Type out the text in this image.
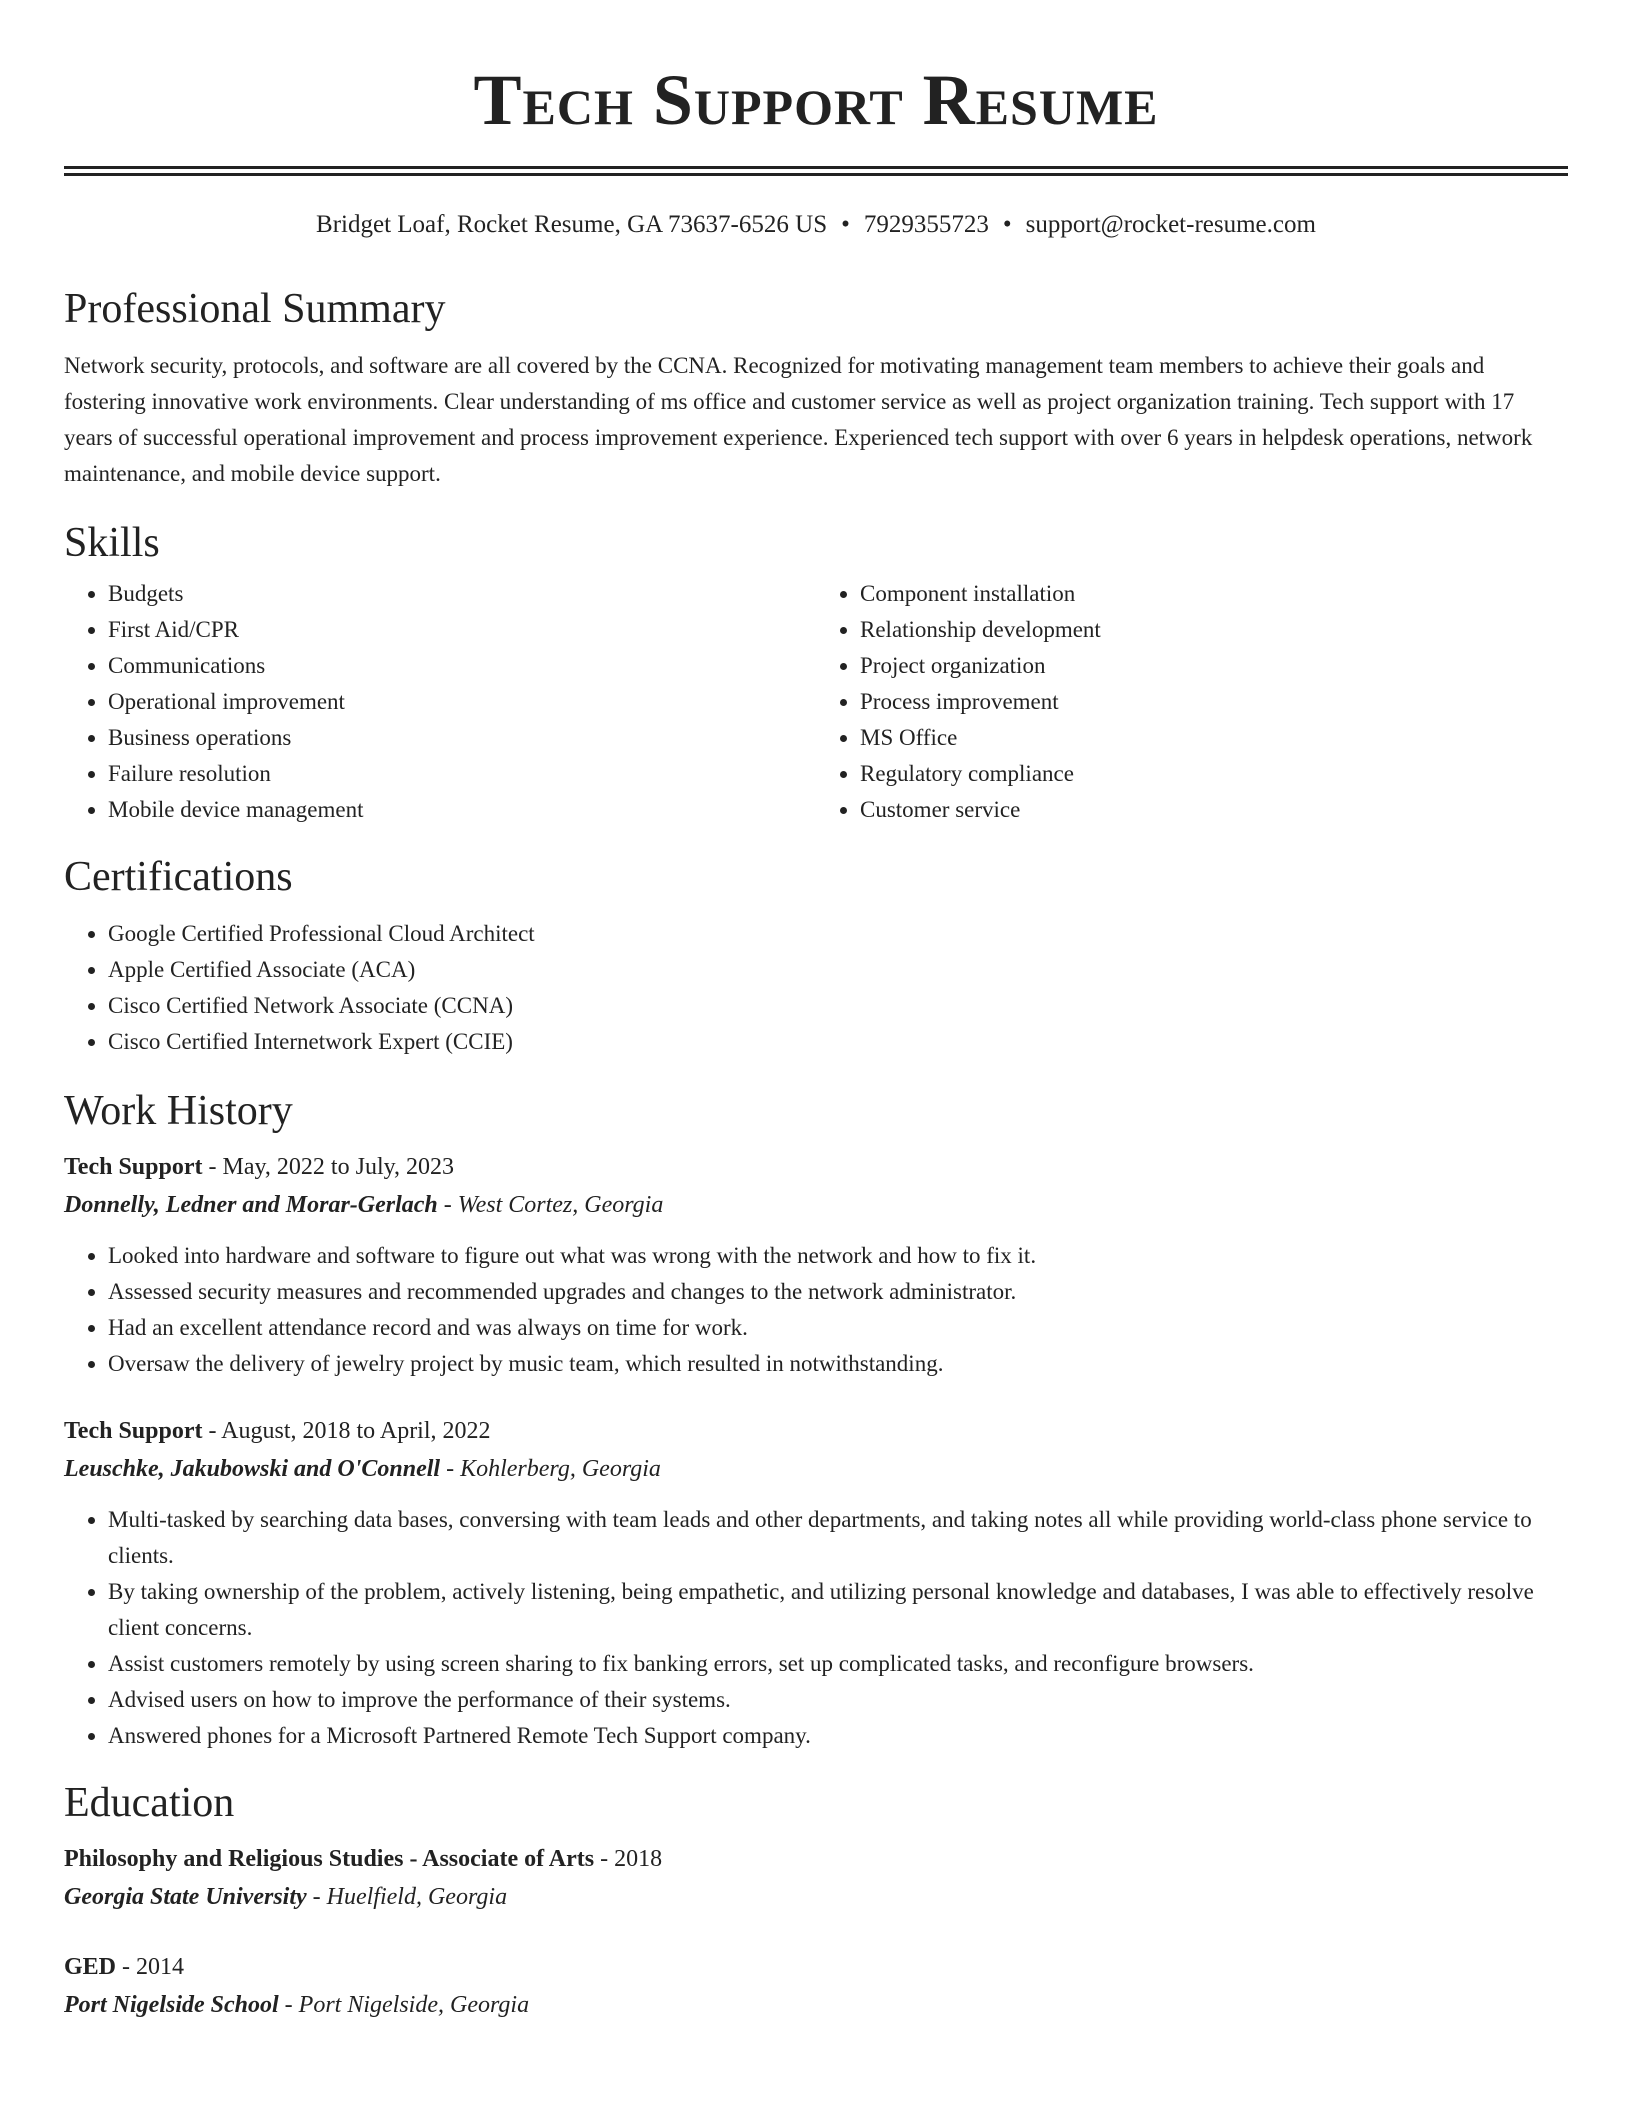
Tech Support Resume
Bridget Loaf, Rocket Resume, GA 73637-6526 US • 7929355723 • support@rocket-resume.com
Professional Summary

Network security, protocols, and software are all covered by the CCNA. Recognized for motivating management team members to achieve their goals and fostering innovative work environments. Clear understanding of ms office and customer service as well as project organization training. Tech support with 17 years of successful operational improvement and process improvement experience. Experienced tech support with over 6 years in helpdesk operations, network maintenance, and mobile device support.

Skills
• Budgets
• First Aid/CPR
• Communications
• Operational improvement
• Business operations
• Failure resolution
• Mobile device management
• Component installation
• Relationship development
• Project organization
• Process improvement
• MS Office
• Regulatory compliance
• Customer service
Certifications
• Google Certified Professional Cloud Architect
• Apple Certified Associate (ACA)
• Cisco Certified Network Associate (CCNA)
• Cisco Certified Internetwork Expert (CCIE)
Work History
Tech Support - May, 2022 to July, 2023
Donnelly, Ledner and Morar-Gerlach - West Cortez, Georgia
• Looked into hardware and software to figure out what was wrong with the network and how to fix it.
• Assessed security measures and recommended upgrades and changes to the network administrator.
• Had an excellent attendance record and was always on time for work.
• Oversaw the delivery of jewelry project by music team, which resulted in notwithstanding.
Tech Support - August, 2018 to April, 2022
Leuschke, Jakubowski and O'Connell - Kohlerberg, Georgia
• Multi-tasked by searching data bases, conversing with team leads and other departments, and taking notes all while providing world-class phone service to clients.
• By taking ownership of the problem, actively listening, being empathetic, and utilizing personal knowledge and databases, I was able to effectively resolve client concerns.
• Assist customers remotely by using screen sharing to fix banking errors, set up complicated tasks, and reconfigure browsers.
• Advised users on how to improve the performance of their systems.
• Answered phones for a Microsoft Partnered Remote Tech Support company.
Education
Philosophy and Religious Studies - Associate of Arts - 2018
Georgia State University - Huelfield, Georgia
GED - 2014
Port Nigelside School - Port Nigelside, Georgia
